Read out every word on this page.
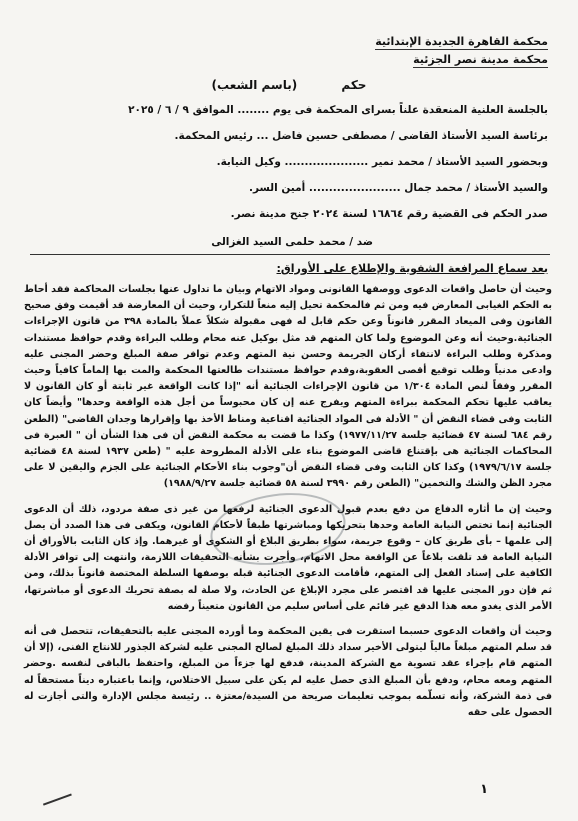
محكمة القاهرة الجديدة الإبتدائية
محكمة مدينة نصر الجزئية
حكم (باسم الشعب)
بالجلسة العلنية المنعقدة علناً بسراى المحكمة فى يوم ........ الموافق ٩ / ٦ / ٢٠٢٥
برئاسة السيد الأستاذ القاضى / مصطفى حسين فاضل ... رئيس المحكمة.
وبحضور السيد الأستاذ / محمد نمير ..................... وكيل النيابة.
والسيد الأستاذ / محمد جمال ....................... أمين السر.
صدر الحكم فى القضية رقم ١٦٨٦٤ لسنة ٢٠٢٤ جنح مدينة نصر.
ضد / محمد حلمى السيد الغزالى
بعد سماع المرافعة الشفوية والإطلاع على الأوراق:

وحيث أن حاصل واقعات الدعوى ووصفها القانونى ومواد الاتهام وبيان ما تداول عنها بجلسات المحاكمة فقد أحاط به الحكم الغيابى المعارض فيه ومن ثم فالمحكمة تحيل إليه منعاً للتكرار، وحيث أن المعارضة قد أقيمت وفق صحيح القانون وفى الميعاد المقرر قانوناً وعن حكم قابل له فهى مقبولة شكلاً عملاً بالمادة ٣٩٨ من قانون الإجراءات الجنائية.وحيث أنه وعن الموضوع ولما كان المتهم قد مثل بوكيل عنه محام وطلب البراءة وقدم حوافظ مستندات ومذكرة وطلب البراءة لانتفاء أركان الجريمة وحسن نية المتهم وعدم توافر صفة المبلغ وحضر المجنى عليه وادعى مدنياً وطلب توقيع أقصى العقوبة،وقدم حوافظ مستندات طالعتها المحكمة والمت بها إلماماً كافياً وحيث المقرر وفقاً لنص المادة ١/٣٠٤ من قانون الإجراءات الجنائية أنه "إذا كانت الواقعة غير ثابتة أو كان القانون لا يعاقب عليها تحكم المحكمة ببراءة المتهم ويفرج عنه إن كان محبوساً من أجل هذه الواقعة وحدها" وأيضاً كان الثابت وفى قضاء النقض أن " الأدلة فى المواد الجنائية اقناعية ومناط الأخذ بها وإقرارها وجدان القاضى" (الطعن رقم ٦٨٤ لسنة ٤٧ قضائية جلسة ١٩٧٧/١١/٢٧) وكذا ما قضت به محكمة النقض أن فى هذا الشأن أن " العبرة فى المحاكمات الجنائية هى بإقتناع قاضى الموضوع بناء على الأدلة المطروحة عليه " (طعن ١٩٣٧ لسنة ٤٨ قضائية جلسة ١٩٧٩/٦/١٧) وكذا كان الثابت وفى قضاء النقض أن"وجوب بناء الأحكام الجنائية على الجزم واليقين لا على مجرد الظن والشك والتخمين" (الطعن رقم ٣٩٩٠ لسنة ٥٨ قضائية جلسة ١٩٨٨/٩/٢٧)

وحيث إن ما أثاره الدفاع من دفع بعدم قبول الدعوى الجنائية لرفعها من غير ذى صفة مردود، ذلك أن الدعوى الجنائية إنما تختص النيابة العامة وحدها بتحريكها ومباشرتها طبقاً لأحكام القانون، ويكفى فى هذا الصدد أن يصل إلى علمها – بأى طريق كان – وقوع جريمة، سواء بطريق البلاغ أو الشكوى أو غيرهما. وإذ كان الثابت بالأوراق أن النيابة العامة قد تلقت بلاغاً عن الواقعة محل الاتهام، وأجرت بشأنه التحقيقات اللازمة، وانتهت إلى توافر الأدلة الكافية على إسناد الفعل إلى المتهم، فأقامت الدعوى الجنائية قبله بوصفها السلطة المختصة قانوناً بذلك، ومن ثم فإن دور المجنى عليها قد اقتصر على مجرد الإبلاغ عن الحادث، ولا صلة له بصفة تحريك الدعوى أو مباشرتها، الأمر الذى يغدو معه هذا الدفع غير قائم على أساس سليم من القانون متعيناً رفضه

وحيث أن واقعات الدعوى حسبما استقرت فى يقين المحكمة وما أورده المجنى عليه بالتحقيقات، تتحصل فى أنه قد سلم المتهم مبلغاً مالياً ليتولى الأخير سداد ذلك المبلغ لصالح المجنى عليه لشركة الجذور للانتاج الفنى، (إلا أن المتهم قام بإجراء عقد تسوية مع الشركة المدينة، فدفع لها جزءاً من المبلغ، واحتفظ بالباقى لنفسه .وحضر المتهم ومعه محام، ودفع بأن المبلغ الذى حصل عليه لم يكن على سبيل الاختلاس، وإنما باعتباره ديناً مستحقاً له فى ذمة الشركة، وأنه تسلّمه بموجب تعليمات صريحة من السيدة/معتزة .. رئيسة مجلس الإدارة والتى أجازت له الحصول على حقه

١
